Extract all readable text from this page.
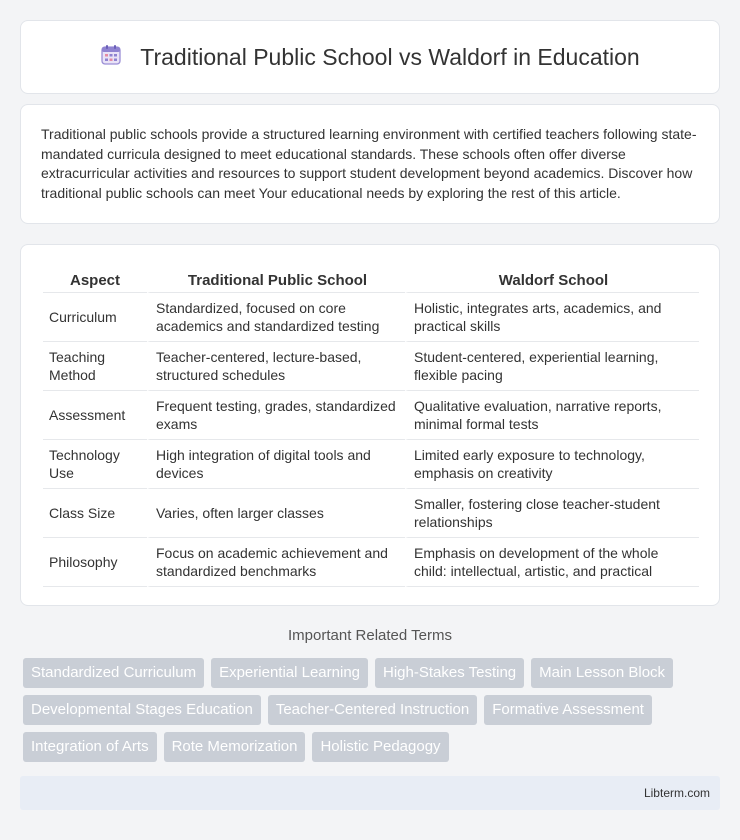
Traditional Public School vs Waldorf in Education

Traditional public schools provide a structured learning environment with certified teachers following state-mandated curricula designed to meet educational standards. These schools often offer diverse extracurricular activities and resources to support student development beyond academics. Discover how traditional public schools can meet Your educational needs by exploring the rest of this article.

Aspect	Traditional Public School	Waldorf School
Curriculum	Standardized, focused on core academics and standardized testing	Holistic, integrates arts, academics, and practical skills
Teaching Method	Teacher-centered, lecture-based, structured schedules	Student-centered, experiential learning, flexible pacing
Assessment	Frequent testing, grades, standardized exams	Qualitative evaluation, narrative reports, minimal formal tests
Technology Use	High integration of digital tools and devices	Limited early exposure to technology, emphasis on creativity
Class Size	Varies, often larger classes	Smaller, fostering close teacher-student relationships
Philosophy	Focus on academic achievement and standardized benchmarks	Emphasis on development of the whole child: intellectual, artistic, and practical
Important Related Terms
Standardized Curriculum	Experiential Learning	High-Stakes Testing	Main Lesson Block
Developmental Stages Education	Teacher-Centered Instruction	Formative Assessment
Integration of Arts	Rote Memorization	Holistic Pedagogy
Libterm.com
